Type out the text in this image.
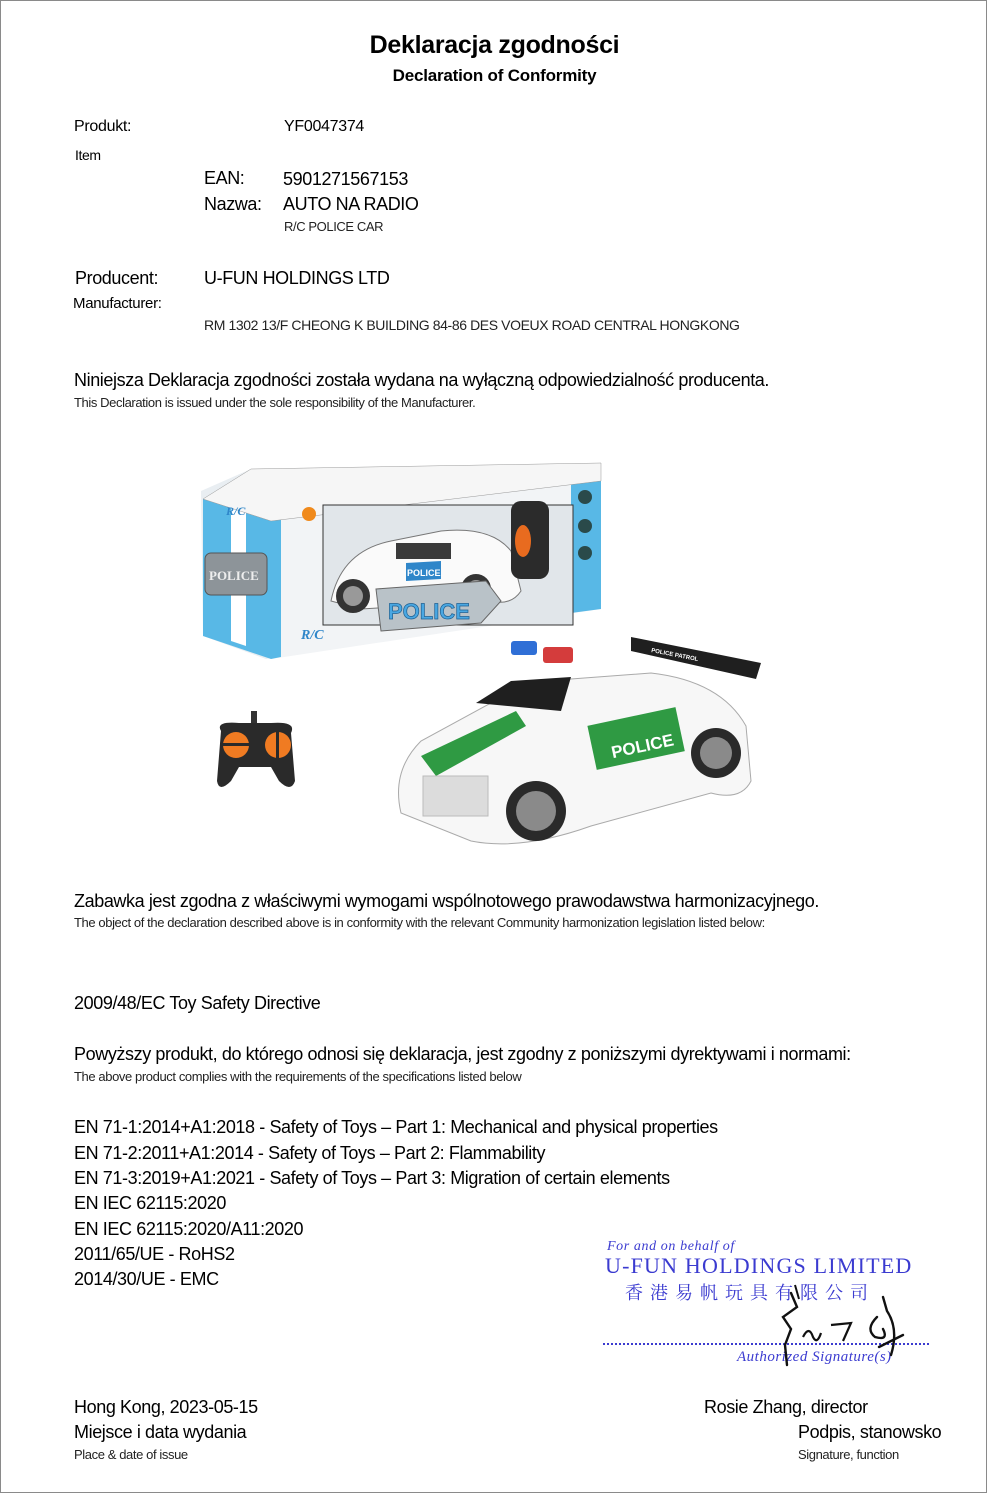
Deklaracja zgodności
Declaration of Conformity
Produkt:	YF0047374
Item
EAN: 5901271567153
Nazwa: AUTO NA RADIO
R/C POLICE CAR
Producent:	U-FUN HOLDINGS LTD
Manufacturer:
RM 1302 13/F CHEONG K BUILDING 84-86 DES VOEUX ROAD CENTRAL HONGKONG
Niniejsza Deklaracja zgodności została wydana na wyłączną odpowiedzialność producenta.
This Declaration is issued under the sole responsibility of the Manufacturer.
POLICE
R/C
POLICE
POLICE
R/C
POLICE
POLICE PATROL
Zabawka jest zgodna z właściwymi wymogami wspólnotowego prawodawstwa harmonizacyjnego.
The object of the declaration described above is in conformity with the relevant Community harmonization legislation listed below:
2009/48/EC Toy Safety Directive
Powyższy produkt, do którego odnosi się deklaracja, jest zgodny z poniższymi dyrektywami i normami:
The above product complies with the requirements of the specifications listed below
EN 71-1:2014+A1:2018 - Safety of Toys – Part 1: Mechanical and physical properties
EN 71-2:2011+A1:2014 - Safety of Toys – Part 2: Flammability
EN 71-3:2019+A1:2021 - Safety of Toys – Part 3: Migration of certain elements
EN IEC 62115:2020
EN IEC 62115:2020/A11:2020
2011/65/UE - RoHS2
2014/30/UE - EMC
For and on behalf of
U-FUN HOLDINGS LIMITED
香港易帆玩具有限公司
Authorized Signature(s)
Hong Kong, 2023-05-15
Miejsce i data wydania
Place & date of issue
Rosie Zhang, director
Podpis, stanowsko
Signature, function
